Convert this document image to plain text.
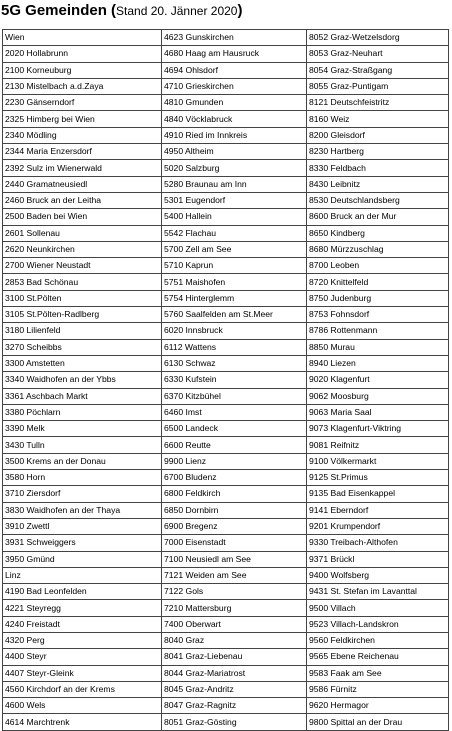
5G Gemeinden (Stand 20. Jänner 2020)
Wien	4623 Gunskirchen	8052 Graz-Wetzelsdorg
2020 Hollabrunn	4680 Haag am Hausruck	8053 Graz-Neuhart
2100 Korneuburg	4694 Ohlsdorf	8054 Graz-Straßgang
2130 Mistelbach a.d.Zaya	4710 Grieskirchen	8055 Graz-Puntigam
2230 Gänserndorf	4810 Gmunden	8121 Deutschfeistritz
2325 Himberg bei Wien	4840 Vöcklabruck	8160 Weiz
2340 Mödling	4910 Ried im Innkreis	8200 Gleisdorf
2344 Maria Enzersdorf	4950 Altheim	8230 Hartberg
2392 Sulz im Wienerwald	5020 Salzburg	8330 Feldbach
2440 Gramatneusiedl	5280 Braunau am Inn	8430 Leibnitz
2460 Bruck an der Leitha	5301 Eugendorf	8530 Deutschlandsberg
2500 Baden bei Wien	5400 Hallein	8600 Bruck an der Mur
2601 Sollenau	5542 Flachau	8650 Kindberg
2620 Neunkirchen	5700 Zell am See	8680 Mürzzuschlag
2700 Wiener Neustadt	5710 Kaprun	8700 Leoben
2853 Bad Schönau	5751 Maishofen	8720 Knittelfeld
3100 St.Pölten	5754 Hinterglemm	8750 Judenburg
3105 St.Pölten-Radlberg	5760 Saalfelden am St.Meer	8753 Fohnsdorf
3180 Lilienfeld	6020 Innsbruck	8786 Rottenmann
3270 Scheibbs	6112 Wattens	8850 Murau
3300 Amstetten	6130 Schwaz	8940 Liezen
3340 Waidhofen an der Ybbs	6330 Kufstein	9020 Klagenfurt
3361 Aschbach Markt	6370 Kitzbühel	9062 Moosburg
3380 Pöchlarn	6460 Imst	9063 Maria Saal
3390 Melk	6500 Landeck	9073 Klagenfurt-Viktring
3430 Tulln	6600 Reutte	9081 Reifnitz
3500 Krems an der Donau	9900 Lienz	9100 Völkermarkt
3580 Horn	6700 Bludenz	9125 St.Primus
3710 Ziersdorf	6800 Feldkirch	9135 Bad Eisenkappel
3830 Waidhofen an der Thaya	6850 Dornbirn	9141 Eberndorf
3910 Zwettl	6900 Bregenz	9201 Krumpendorf
3931 Schweiggers	7000 Eisenstadt	9330 Treibach-Althofen
3950 Gmünd	7100 Neusiedl am See	9371 Brückl
Linz	7121 Weiden am See	9400 Wolfsberg
4190 Bad Leonfelden	7122 Gols	9431 St. Stefan im Lavanttal
4221 Steyregg	7210 Mattersburg	9500 Villach
4240 Freistadt	7400 Oberwart	9523 Villach-Landskron
4320 Perg	8040 Graz	9560 Feldkirchen
4400 Steyr	8041 Graz-Liebenau	9565 Ebene Reichenau
4407 Steyr-Gleink	8044 Graz-Mariatrost	9583 Faak am See
4560 Kirchdorf an der Krems	8045 Graz-Andritz	9586 Fürnitz
4600 Wels	8047 Graz-Ragnitz	9620 Hermagor
4614 Marchtrenk	8051 Graz-Gösting	9800 Spittal an der Drau
